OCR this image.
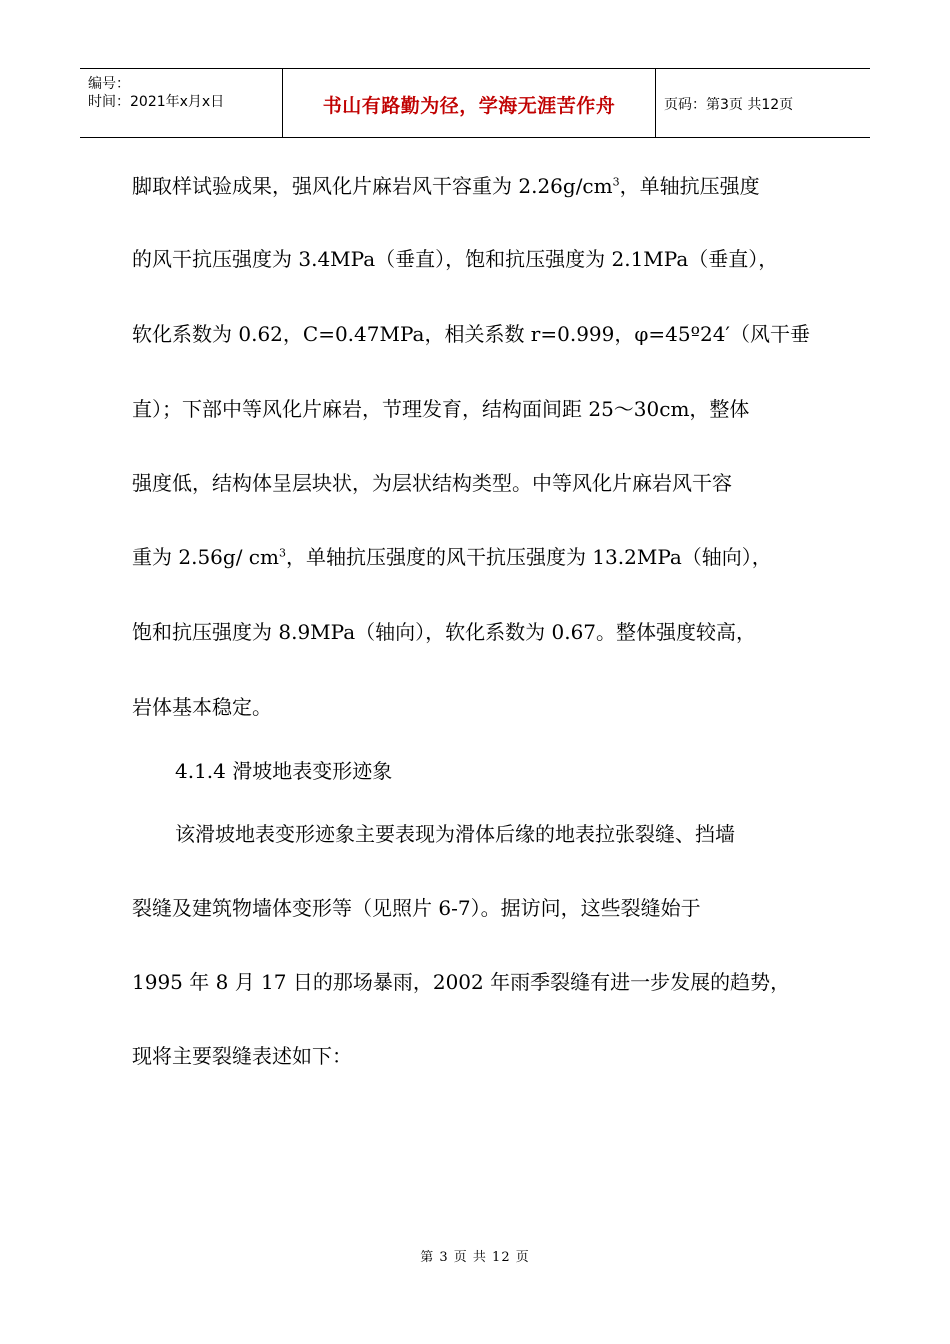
编号：
时间：2021年x月x日	书山有路勤为径，学海无涯苦作舟	页码：第3页 共12页
脚取样试验成果，强风化片麻岩风干容重为 $2.26g/cm^3$，单轴抗压强度
的风干抗压强度为 3.4MPa（垂直），饱和抗压强度为 2.1MPa（垂直），
软化系数为 0.62，C=0.47MPa，相关系数 r=0.999，φ=45º24′（风干垂
直）；下部中等风化片麻岩，节理发育，结构面间距 25～30cm，整体
强度低，结构体呈层块状，为层状结构类型。中等风化片麻岩风干容
重为 2.56g/ $cm^3$，单轴抗压强度的风干抗压强度为 13.2MPa（轴向），
饱和抗压强度为 8.9MPa（轴向），软化系数为 0.67。整体强度较高，
岩体基本稳定。
4.1.4 滑坡地表变形迹象
该滑坡地表变形迹象主要表现为滑体后缘的地表拉张裂缝、挡墙
裂缝及建筑物墙体变形等（见照片 6-7）。据访问，这些裂缝始于
1995 年 8 月 17 日的那场暴雨，2002 年雨季裂缝有进一步发展的趋势，
现将主要裂缝表述如下：
第 3 页 共 12 页
